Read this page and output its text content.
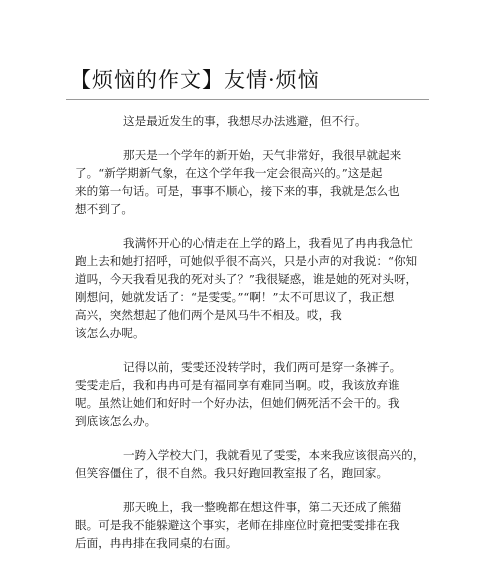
【烦恼的作文】友情·烦恼
这是最近发生的事，我想尽办法逃避，但不行。
那天是一个学年的新开始，天气非常好，我很早就起来
了。“新学期新气象，在这个学年我一定会很高兴的。”这是起
来的第一句话。可是，事事不顺心，接下来的事，我就是怎么也
想不到了。
我满怀开心的心情走在上学的路上，我看见了冉冉我急忙
跑上去和她打招呼，可她似乎很不高兴，只是小声的对我说：“你知
道吗，今天我看见我的死对头了？”我很疑惑，谁是她的死对头呀，
刚想问，她就发话了：“是雯雯。”“啊！”太不可思议了，我正想
高兴，突然想起了他们两个是风马牛不相及。哎，我
该怎么办呢。
记得以前，雯雯还没转学时，我们两可是穿一条裤子。
雯雯走后，我和冉冉可是有福同享有难同当啊。哎，我该放弃谁
呢。虽然让她们和好时一个好办法，但她们俩死活不会干的。我
到底该怎么办。
一跨入学校大门，我就看见了雯雯，本来我应该很高兴的，
但笑容僵住了，很不自然。我只好跑回教室报了名，跑回家。
那天晚上，我一整晚都在想这件事，第二天还成了熊猫
眼。可是我不能躲避这个事实，老师在排座位时竟把雯雯排在我
后面，冉冉排在我同桌的右面。
